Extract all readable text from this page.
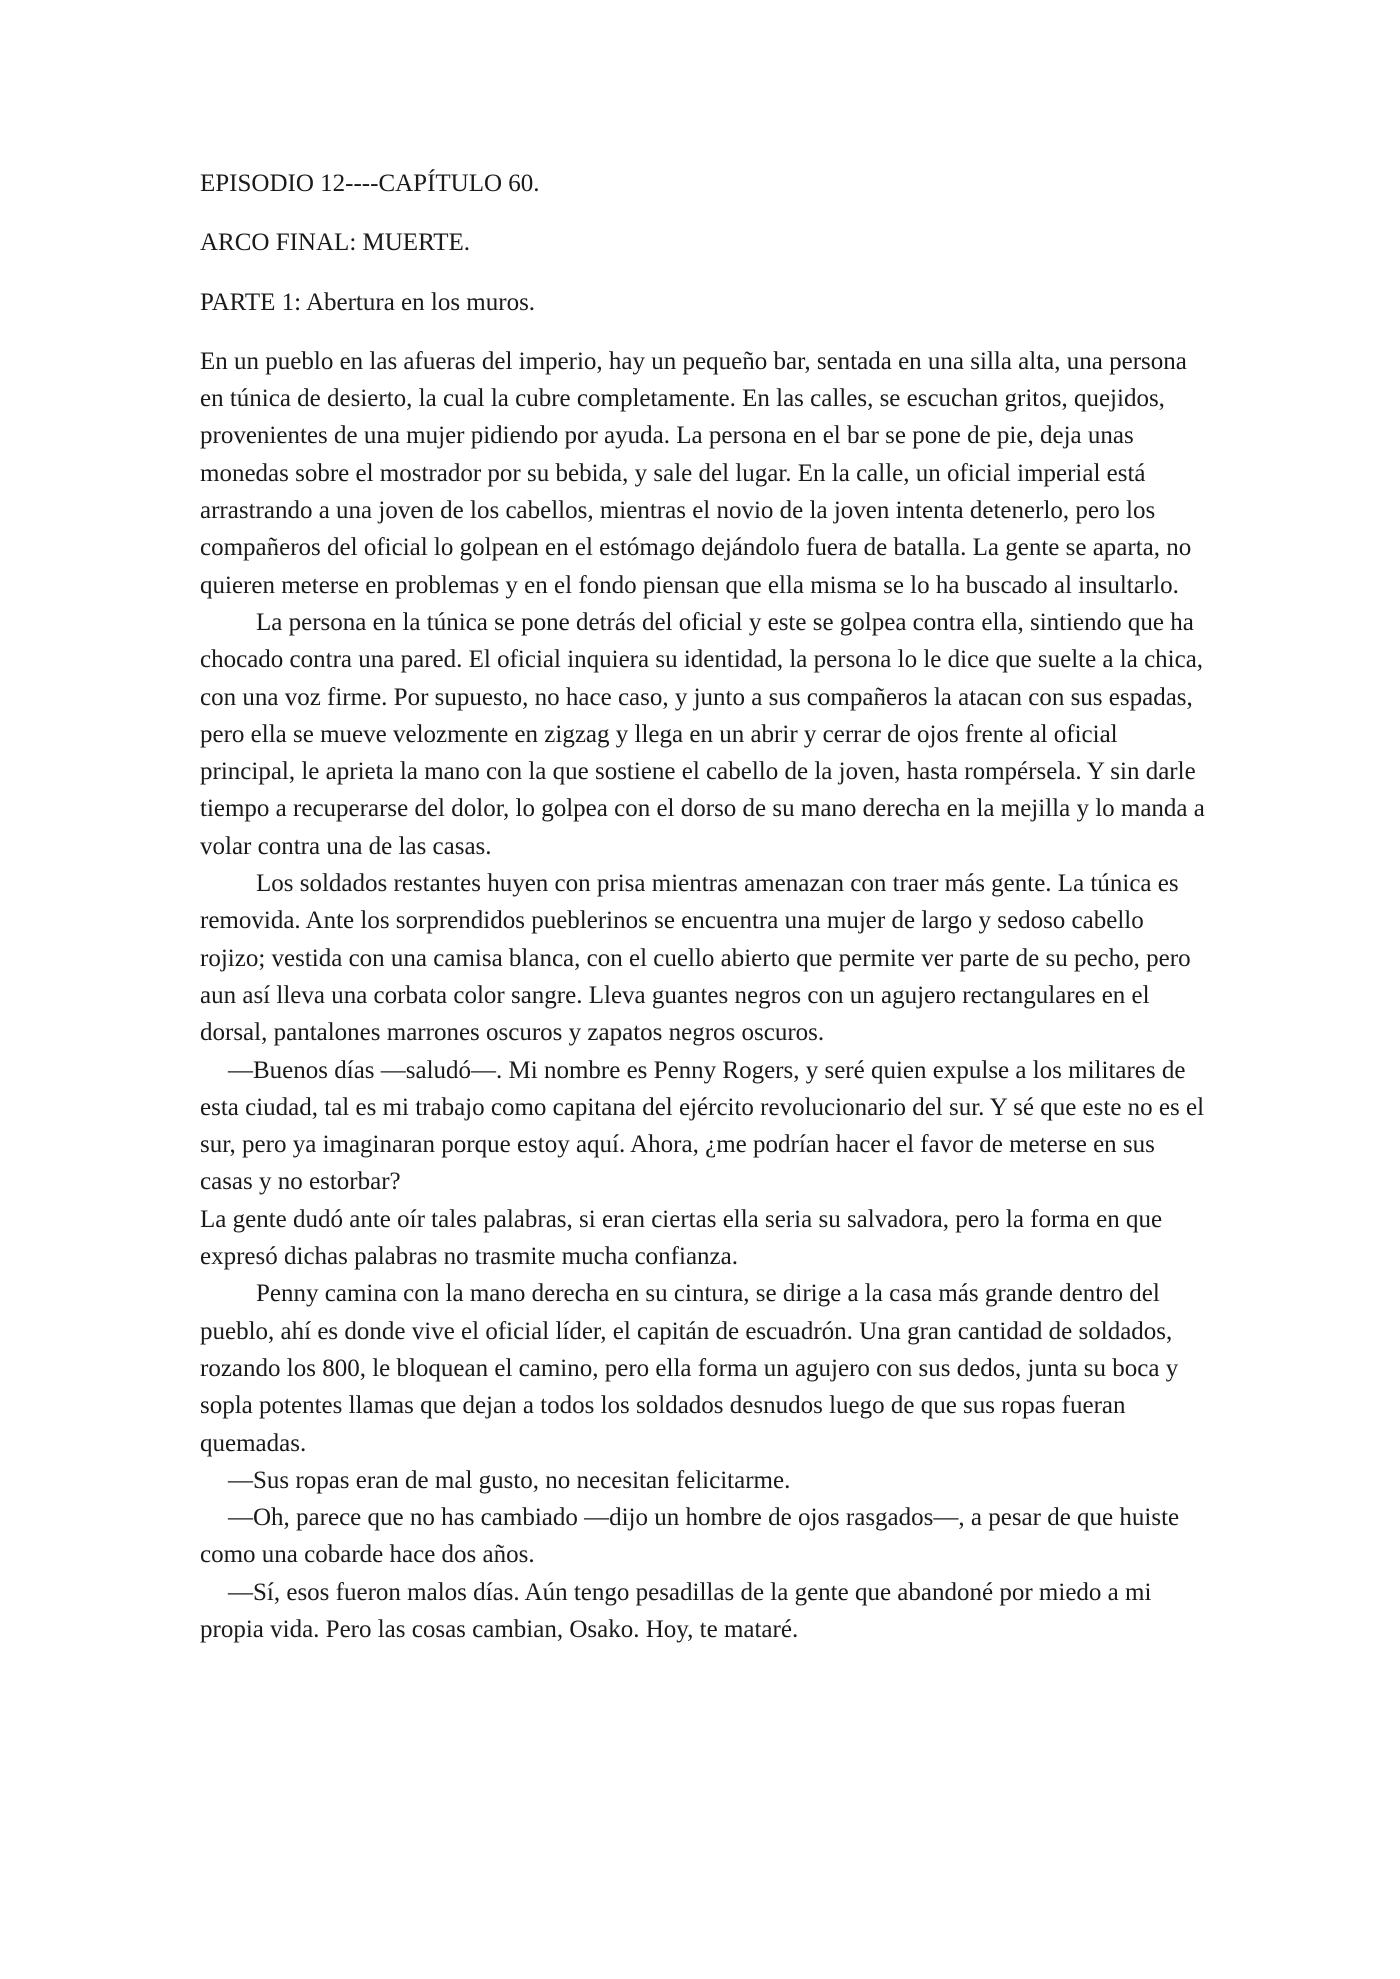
EPISODIO 12----CAPÍTULO 60.

ARCO FINAL: MUERTE.

PARTE 1: Abertura en los muros.

En un pueblo en las afueras del imperio, hay un pequeño bar, sentada en una silla alta, una persona en túnica de desierto, la cual la cubre completamente. En las calles, se escuchan gritos, quejidos, provenientes de una mujer pidiendo por ayuda. La persona en el bar se pone de pie, deja unas monedas sobre el mostrador por su bebida, y sale del lugar. En la calle, un oficial imperial está arrastrando a una joven de los cabellos, mientras el novio de la joven intenta detenerlo, pero los compañeros del oficial lo golpean en el estómago dejándolo fuera de batalla. La gente se aparta, no quieren meterse en problemas y en el fondo piensan que ella misma se lo ha buscado al insultarlo.

La persona en la túnica se pone detrás del oficial y este se golpea contra ella, sintiendo que ha chocado contra una pared. El oficial inquiera su identidad, la persona lo le dice que suelte a la chica, con una voz firme. Por supuesto, no hace caso, y junto a sus compañeros la atacan con sus espadas, pero ella se mueve velozmente en zigzag y llega en un abrir y cerrar de ojos frente al oficial principal, le aprieta la mano con la que sostiene el cabello de la joven, hasta rompérsela. Y sin darle tiempo a recuperarse del dolor, lo golpea con el dorso de su mano derecha en la mejilla y lo manda a volar contra una de las casas.

Los soldados restantes huyen con prisa mientras amenazan con traer más gente. La túnica es removida. Ante los sorprendidos pueblerinos se encuentra una mujer de largo y sedoso cabello rojizo; vestida con una camisa blanca, con el cuello abierto que permite ver parte de su pecho, pero aun así lleva una corbata color sangre. Lleva guantes negros con un agujero rectangulares en el dorsal, pantalones marrones oscuros y zapatos negros oscuros.

—Buenos días —saludó—. Mi nombre es Penny Rogers, y seré quien expulse a los militares de esta ciudad, tal es mi trabajo como capitana del ejército revolucionario del sur. Y sé que este no es el sur, pero ya imaginaran porque estoy aquí. Ahora, ¿me podrían hacer el favor de meterse en sus casas y no estorbar?

La gente dudó ante oír tales palabras, si eran ciertas ella seria su salvadora, pero la forma en que expresó dichas palabras no trasmite mucha confianza.

Penny camina con la mano derecha en su cintura, se dirige a la casa más grande dentro del pueblo, ahí es donde vive el oficial líder, el capitán de escuadrón. Una gran cantidad de soldados, rozando los 800, le bloquean el camino, pero ella forma un agujero con sus dedos, junta su boca y sopla potentes llamas que dejan a todos los soldados desnudos luego de que sus ropas fueran quemadas.

—Sus ropas eran de mal gusto, no necesitan felicitarme.

—Oh, parece que no has cambiado —dijo un hombre de ojos rasgados—, a pesar de que huiste como una cobarde hace dos años.

—Sí, esos fueron malos días. Aún tengo pesadillas de la gente que abandoné por miedo a mi propia vida. Pero las cosas cambian, Osako. Hoy, te mataré.
